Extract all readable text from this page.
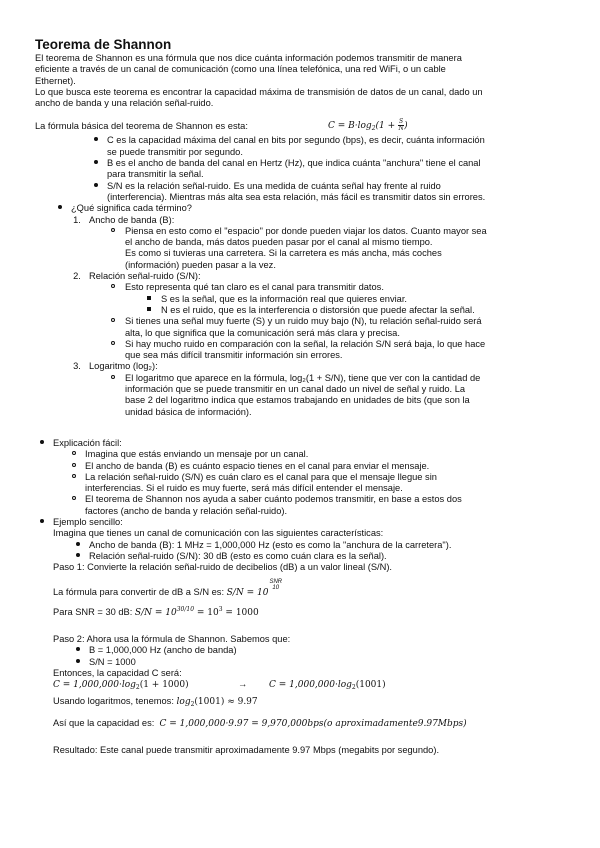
Teorema de Shannon

El teorema de Shannon es una fórmula que nos dice cuánta información podemos transmitir de manera

eficiente a través de un canal de comunicación (como una línea telefónica, una red WiFi, o un cable

Ethernet).

Lo que busca este teorema es encontrar la capacidad máxima de transmisión de datos de un canal, dado un

ancho de banda y una relación señal-ruido.

La fórmula básica del teorema de Shannon es esta:	$C = B\cdot\log_2(1 + \frac{S}{N}$ )

C es la capacidad máxima del canal en bits por segundo (bps), es decir, cuánta información

se puede transmitir por segundo.

B es el ancho de banda del canal en Hertz (Hz), que indica cuánta "anchura" tiene el canal

para transmitir la señal.

S/N es la relación señal-ruido. Es una medida de cuánta señal hay frente al ruido

(interferencia). Mientras más alta sea esta relación, más fácil es transmitir datos sin errores.

¿Qué significa cada término?

1. Ancho de banda (B):

Piensa en esto como el "espacio" por donde pueden viajar los datos. Cuanto mayor sea

el ancho de banda, más datos pueden pasar por el canal al mismo tiempo.

Es como si tuvieras una carretera. Si la carretera es más ancha, más coches

(información) pueden pasar a la vez.

2. Relación señal-ruido (S/N):

Esto representa qué tan claro es el canal para transmitir datos.

S es la señal, que es la información real que quieres enviar.

N es el ruido, que es la interferencia o distorsión que puede afectar la señal.

Si tienes una señal muy fuerte (S) y un ruido muy bajo (N), tu relación señal-ruido será

alta, lo que significa que la comunicación será más clara y precisa.

Si hay mucho ruido en comparación con la señal, la relación S/N será baja, lo que hace

que sea más difícil transmitir información sin errores.

3. Logaritmo (log₂):

El logaritmo que aparece en la fórmula, log₂(1 + S/N), tiene que ver con la cantidad de

información que se puede transmitir en un canal dado un nivel de señal y ruido. La

base 2 del logaritmo indica que estamos trabajando en unidades de bits (que son la

unidad básica de información).

Explicación fácil:

Imagina que estás enviando un mensaje por un canal.

El ancho de banda (B) es cuánto espacio tienes en el canal para enviar el mensaje.

La relación señal-ruido (S/N) es cuán claro es el canal para que el mensaje llegue sin

interferencias. Si el ruido es muy fuerte, será más difícil entender el mensaje.

El teorema de Shannon nos ayuda a saber cuánto podemos transmitir, en base a estos dos

factores (ancho de banda y relación señal-ruido).

Ejemplo sencillo:

Imagina que tienes un canal de comunicación con las siguientes características:

Ancho de banda (B): 1 MHz = 1,000,000 Hz (esto es como la "anchura de la carretera").

Relación señal-ruido (S/N): 30 dB (esto es como cuán clara es la señal).

Paso 1: Convierte la relación señal-ruido de decibelios (dB) a un valor lineal (S/N).

La fórmula para convertir de dB a S/N es: S/N = 10
SNR
10

Para SNR = 30 dB: $S/N = 10^{30/10} = 10^3 = 1000$

Paso 2: Ahora usa la fórmula de Shannon. Sabemos que:

B = 1,000,000 Hz (ancho de banda)

S/N = 1000

Entonces, la capacidad C será:

$C = 1,000,000\cdot\log_2(1 + 1000)$	→ $C = 1,000,000\cdot\log_2(1001)$

Usando logaritmos, tenemos: $\log_2(1001) \approx 9.97$

Así que la capacidad es: C = 1,000,000·9.97 = 9,970,000bps(o aproximadamente9.97Mbps)

Resultado: Este canal puede transmitir aproximadamente 9.97 Mbps (megabits por segundo).
